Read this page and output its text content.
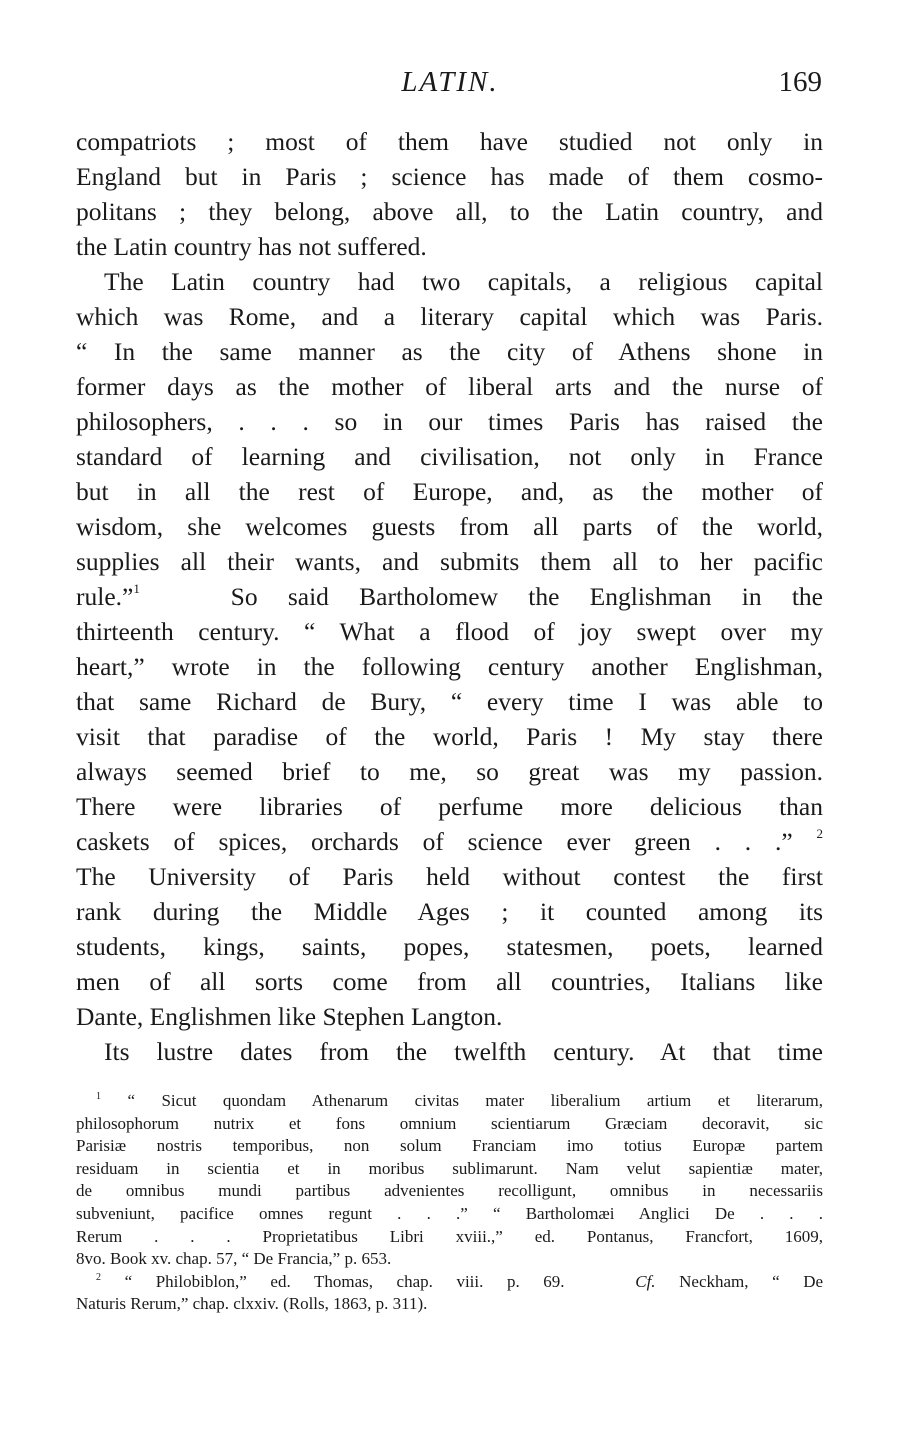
LATIN.	169
compatriots ; most of them have studied not only in
England but in Paris ; science has made of them cosmo-
politans ; they belong, above all, to the Latin country, and
the Latin country has not suffered.
The Latin country had two capitals, a religious capital
which was Rome, and a literary capital which was Paris.
“ In the same manner as the city of Athens shone in
former days as the mother of liberal arts and the nurse of
philosophers, . . . so in our times Paris has raised the
standard of learning and civilisation, not only in France
but in all the rest of Europe, and, as the mother of
wisdom, she welcomes guests from all parts of the world,
supplies all their wants, and submits them all to her pacific
rule.”$^1$	So said Bartholomew the Englishman in the
thirteenth century. “ What a flood of joy swept over my
heart,” wrote in the following century another Englishman,
that same Richard de Bury, “ every time I was able to
visit that paradise of the world, Paris ! My stay there
always seemed brief to me, so great was my passion.
There were libraries of perfume more delicious than
caskets of spices, orchards of science ever green . . .” $^2$
The University of Paris held without contest the first
rank during the Middle Ages ; it counted among its
students, kings, saints, popes, statesmen, poets, learned
men of all sorts come from all countries, Italians like
Dante, Englishmen like Stephen Langton.
Its lustre dates from the twelfth century. At that time
$^1$ “ Sicut quondam Athenarum civitas mater liberalium artium et literarum,
philosophorum nutrix et fons omnium scientiarum Græciam decoravit, sic
Parisiæ nostris temporibus, non solum Franciam imo totius Europæ partem
residuam in scientia et in moribus sublimarunt. Nam velut sapientiæ mater,
de omnibus mundi partibus advenientes recolligunt, omnibus in necessariis
subveniunt, pacifice omnes regunt . . .” “ Bartholomæi Anglici De . . .
Rerum . . . Proprietatibus Libri xviii.,” ed. Pontanus, Francfort, 1609,
8vo. Book xv. chap. 57, “ De Francia,” p. 653.
$^2$ “ Philobiblon,” ed. Thomas, chap. viii. p. 69.	Cf. Neckham, “ De
Naturis Rerum,” chap. clxxiv. (Rolls, 1863, p. 311).
